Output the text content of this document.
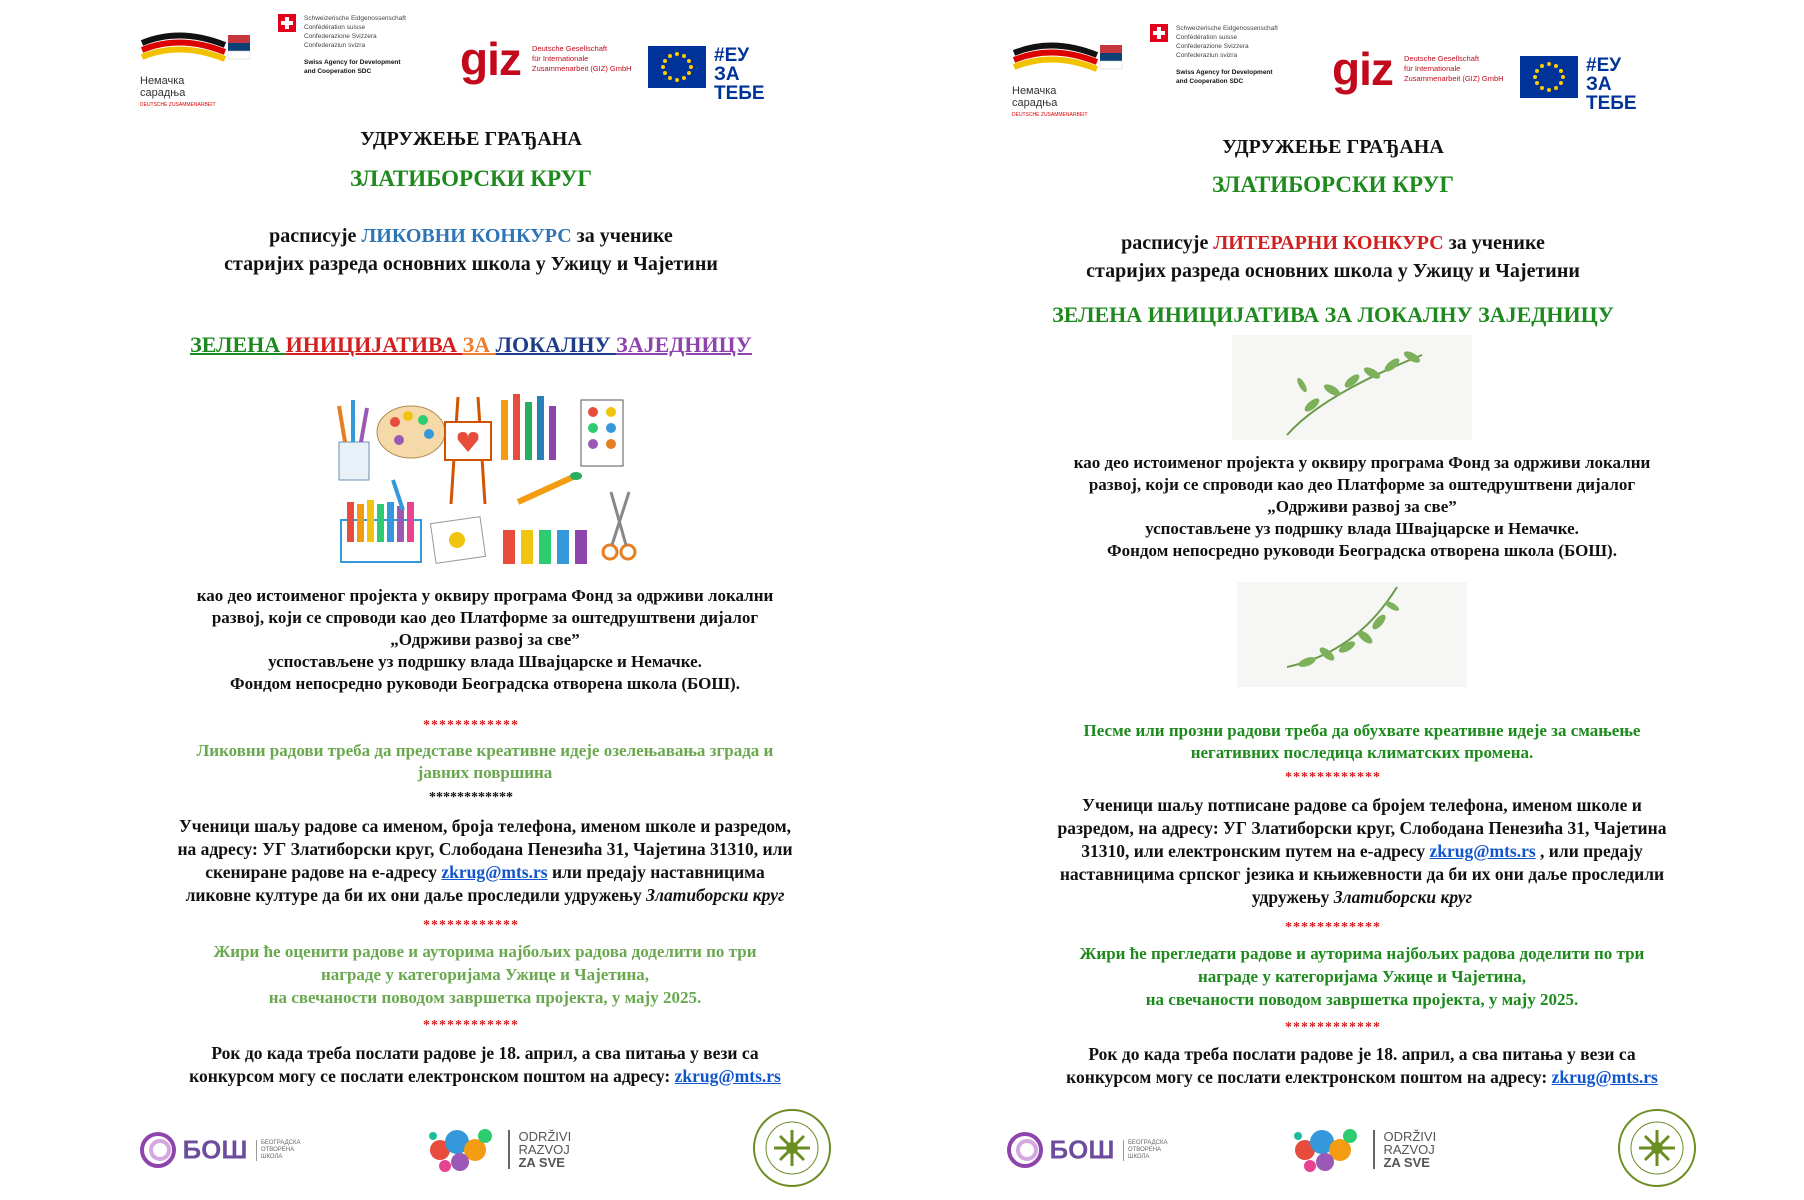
Немачка
сарадња
DEUTSCHE ZUSAMMENARBEIT
Schweizerische Eidgenossenschaft
Confédération suisse
Confederazione Svizzera
Confederaziun svizra
Swiss Agency for Development
and Cooperation SDC	giz Deutsche Gesellschaft
für Internationale
Zusammenarbeit (GIZ) GmbH
#ЕУ
ЗА ТЕБЕ
УДРУЖЕЊЕ ГРАЂАНА
ЗЛАТИБОРСКИ КРУГ
расписује ЛИКОВНИ КОНКУРС за ученике
старијих разреда основних школа у Ужицу и Чајетини
ЗЕЛЕНА ИНИЦИЈАТИВА ЗА ЛОКАЛНУ ЗАЈЕДНИЦУ

као део истоименог пројекта у оквиру програма Фонд за одрживи локални

развој, који се спроводи као део Платформе за оштедруштвени дијалог

„Одрживи развој за све”

успостављене уз подршку влада Швајцарске и Немачке.

Фондом непосредно руководи Београдска отворена школа (БОШ).

************

Ликовни радови треба да представе креативне идеје озелењавања зграда и

јавних површина

************

Ученици шаљу радове са именом, броја телефона, именом школе и разредом,

на адресу: УГ Златиборски круг, Слободана Пенезића 31, Чајетина 31310, или

скениране радове на е-адресу zkrug@mts.rs или предају наставницима

ликовне културе да би их они даље проследили удружењу Златиборски круг

************

Жири ће оценити радове и ауторима најбољих радова доделити по три

награде у категоријама Ужице и Чајетина,

на свечаности поводом завршетка пројекта, у мају 2025.

************

Рок до када треба послати радове је 18. април, а сва питања у вези са

конкурсом могу се послати електронском поштом на адресу: zkrug@mts.rs

БОШ БЕОГРАДСКА
ОТВОРЕНА
ШКОЛА

ODRŽIVI
RAZVOJ
ZA SVE
Немачка
сарадња
DEUTSCHE ZUSAMMENARBEIT
Schweizerische Eidgenossenschaft
Confédération suisse
Confederazione Svizzera
Confederaziun svizra
Swiss Agency for Development
and Cooperation SDC	giz Deutsche Gesellschaft
für Internationale
Zusammenarbeit (GIZ) GmbH
#ЕУ
ЗА ТЕБЕ
УДРУЖЕЊЕ ГРАЂАНА
ЗЛАТИБОРСКИ КРУГ
расписује ЛИТЕРАРНИ КОНКУРС за ученике
старијих разреда основних школа у Ужицу и Чајетини
ЗЕЛЕНА ИНИЦИЈАТИВА ЗА ЛОКАЛНУ ЗАЈЕДНИЦУ

као део истоименог пројекта у оквиру програма Фонд за одрживи локални

развој, који се спроводи као део Платформе за оштедруштвени дијалог

„Одрживи развој за све”

успостављене уз подршку влада Швајцарске и Немачке.

Фондом непосредно руководи Београдска отворена школа (БОШ).

Песме или прозни радови треба да обухвате креативне идеје за смањење

негативних последица климатских промена.

************

Ученици шаљу потписане радове са бројем телефона, именом школе и

разредом, на адресу: УГ Златиборски круг, Слободана Пенезића 31, Чајетина

31310, или електронским путем на е-адресу zkrug@mts.rs , или предају

наставницима српског језика и књижевности да би их они даље проследили

удружењу Златиборски круг

************

Жири ће прегледати радове и ауторима најбољих радова доделити по три

награде у категоријама Ужице и Чајетина,

на свечаности поводом завршетка пројекта, у мају 2025.

************

Рок до када треба послати радове је 18. април, а сва питања у вези са

конкурсом могу се послати електронском поштом на адресу: zkrug@mts.rs

БОШ БЕОГРАДСКА
ОТВОРЕНА
ШКОЛА

ODRŽIVI
RAZVOJ
ZA SVE
